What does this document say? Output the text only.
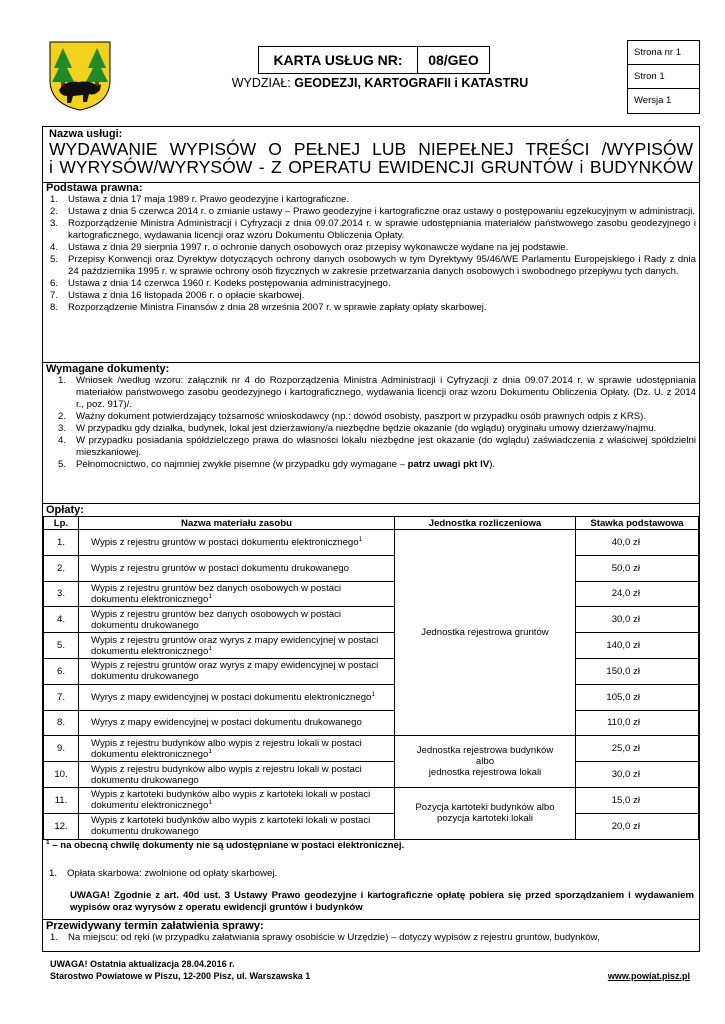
KARTA USŁUG NR:	08/GEO
WYDZIAŁ: GEODEZJI, KARTOGRAFII i KATASTRU
Strona nr 1
Stron 1
Wersja 1
Nazwa usługi:
WYDAWANIE WYPISÓW O PEŁNEJ LUB NIEPEŁNEJ TREŚCI /WYPISÓW
i WYRYSÓW/WYRYSÓW - Z OPERATU EWIDENCJI GRUNTÓW i BUDYNKÓW
Podstawa prawna:
1. Ustawa z dnia 17 maja 1989 r. Prawo geodezyjne i kartograficzne.
2. Ustawa z dnia 5 czerwca 2014 r. o zmianie ustawy – Prawo geodezyjne i kartograficzne oraz ustawy o postępowaniu egzekucyjnym w administracji.
3. Rozporządzenie Ministra Administracji i Cyfryzacji z dnia 09.07.2014 r. w sprawie udostępniania materiałów państwowego zasobu geodezyjnego i kartograficznego, wydawania licencji oraz wzoru Dokumentu Obliczenia Opłaty.
4. Ustawa z dnia 29 sierpnia 1997 r. o ochronie danych osobowych oraz przepisy wykonawcze wydane na jej podstawie.
5. Przepisy Konwencji oraz Dyrektyw dotyczących ochrony danych osobowych w tym Dyrektywy 95/46/WE Parlamentu Europejskiego i Rady z dnia 24 października 1995 r. w sprawie ochrony osób fizycznych w zakresie przetwarzania danych osobowych i swobodnego przepływu tych danych.
6. Ustawa z dnia 14 czerwca 1960 r. Kodeks postępowania administracyjnego.
7. Ustawa z dnia 16 listopada 2006 r. o opłacie skarbowej.
8. Rozporządzenie Ministra Finansów z dnia 28 września 2007 r. w sprawie zapłaty opłaty skarbowej.
Wymagane dokumenty:
1. Wniosek /według wzoru: załącznik nr 4 do Rozporządzenia Ministra Administracji i Cyfryzacji z dnia 09.07.2014 r. w sprawie udostępniania materiałów państwowego zasobu geodezyjnego i kartograficznego, wydawania licencji oraz wzoru Dokumentu Obliczenia Opłaty. (Dz. U. z 2014 r., poz. 917)/.
2. Ważny dokument potwierdzający tożsamość wnioskodawcy (np.: dowód osobisty, paszport w przypadku osób prawnych odpis z KRS).
3. W przypadku gdy działka, budynek, lokal jest dzierżawiony/a niezbędne będzie okazanie (do wglądu) oryginału umowy dzierżawy/najmu.
4. W przypadku posiadania spółdzielczego prawa do własności lokalu niezbędne jest okazanie (do wglądu) zaświadczenia z właściwej spółdzielni mieszkaniowej.
5. Pełnomocnictwo, co najmniej zwykłe pisemne (w przypadku gdy wymagane – patrz uwagi pkt IV).
Opłaty:
Lp.	Nazwa materiału zasobu	Jednostka rozliczeniowa	Stawka podstawowa
1.	Wypis z rejestru gruntów w postaci dokumentu elektronicznego$^1$	Jednostka rejestrowa gruntów	40,0 zł
2.	Wypis z rejestru gruntów w postaci dokumentu drukowanego		50,0 zł
3.	Wypis z rejestru gruntów bez danych osobowych w postaci dokumentu elektronicznego$^1$		24,0 zł
4.	Wypis z rejestru gruntów bez danych osobowych w postaci dokumentu drukowanego		30,0 zł
5.	Wypis z rejestru gruntów oraz wyrys z mapy ewidencyjnej w postaci dokumentu elektronicznego$^1$		140,0 zł
6.	Wypis z rejestru gruntów oraz wyrys z mapy ewidencyjnej w postaci dokumentu drukowanego		150,0 zł
7.	Wyrys z mapy ewidencyjnej w postaci dokumentu elektronicznego$^1$		105,0 zł
8.	Wyrys z mapy ewidencyjnej w postaci dokumentu drukowanego		110,0 zł
9.	Wypis z rejestru budynków albo wypis z rejestru lokali w postaci dokumentu elektronicznego$^1$	Jednostka rejestrowa budynków
albo
jednostka rejestrowa lokali	25,0 zł
10.	Wypis z rejestru budynków albo wypis z rejestru lokali w postaci dokumentu drukowanego		30,0 zł
11.	Wypis z kartoteki budynków albo wypis z kartoteki lokali w postaci dokumentu elektronicznego$^1$	Pozycja kartoteki budynków albo
pozycja kartoteki lokali	15,0 zł
12.	Wypis z kartoteki budynków albo wypis z kartoteki lokali w postaci dokumentu drukowanego		20,0 zł
$^1$ – na obecną chwilę dokumenty nie są udostępniane w postaci elektronicznej.
1. Opłata skarbowa: zwolnione od opłaty skarbowej.
UWAGA! Zgodnie z art. 40d ust. 3 Ustawy Prawo geodezyjne i kartograficzne opłatę pobiera się przed sporządzaniem i wydawaniem wypisów oraz wyrysów z operatu ewidencji gruntów i budynków
Przewidywany termin załatwienia sprawy:
1. Na miejscu: od ręki (w przypadku załatwiania sprawy osobiście w Urzędzie) – dotyczy wypisów z rejestru gruntów, budynków,
UWAGA! Ostatnia aktualizacja 28.04.2016 r.
Starostwo Powiatowe w Piszu, 12-200 Pisz, ul. Warszawska 1	www.powiat.pisz.pl
